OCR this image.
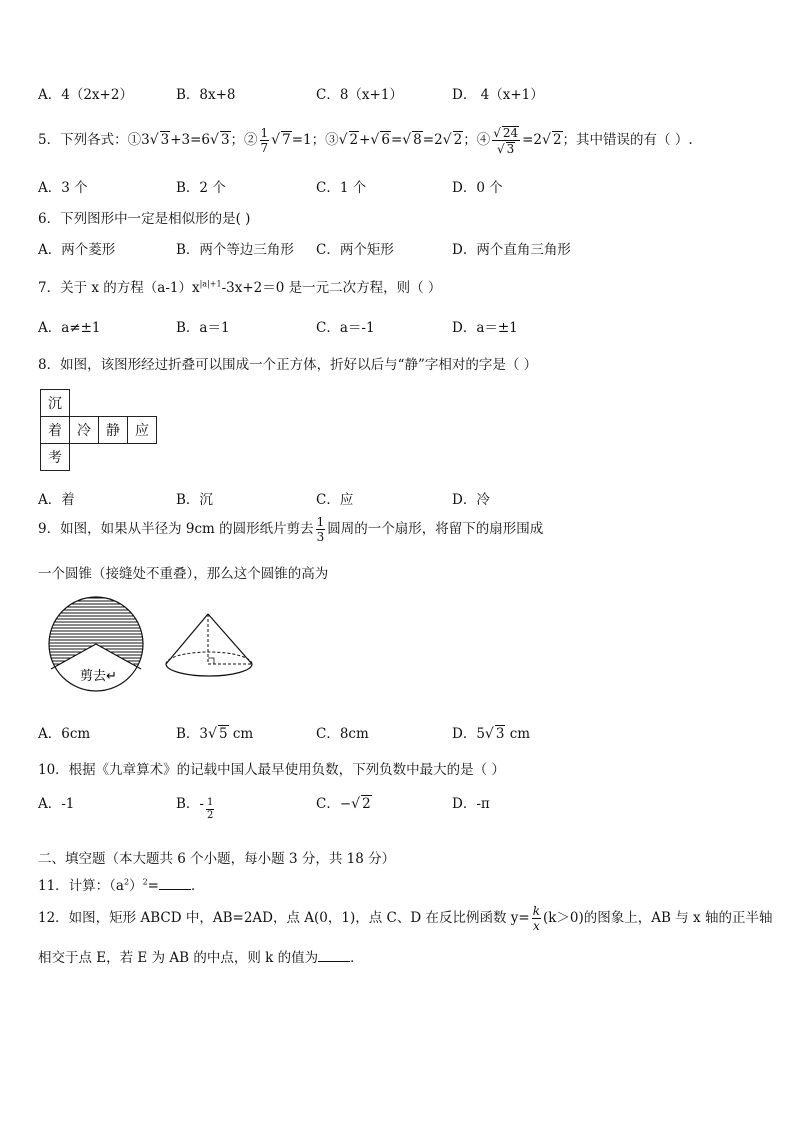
A．4（2x+2）	B．8x+8	C．8（x+1）	D． 4（x+1）
5．下列各式：①3√ 3+3=6√ 3；② $\frac{1}{7}$ √ 7=1；③√ 2+√ 6=√ 8=2√ 2；④ $\frac{√ 24}{√ 3} =2√$ 2；其中错误的有（ ）.
A．3 个	B．2 个	C．1 个	D．0 个
6．下列图形中一定是相似形的是( )
A．两个菱形	B．两个等边三角形 C．两个矩形	D．两个直角三角形
7．关于 x 的方程$(a-1)x^{|a|+1}-3x+2=0$ 是一元二次方程，则（ ）
A．a≠±1	B．a＝1	C．a＝-1	D．a＝±1
8．如图，该图形经过折叠可以围成一个正方体，折好以后与“静”字相对的字是（ ）
沉			
着	冷	静	应
考			
A．着	B．沉	C．应	D．冷
9．如图，如果从半径为 9cm 的圆形纸片剪去 $\frac{1}{3}$ 圆周的一个扇形，将留下的扇形围成
一个圆锥（接缝处不重叠），那么这个圆锥的高为
剪去↵
A．6cm	B．3√ 5 cm	C．8cm	D．5√ 3 cm
10．根据《九章算术》的记载中国人最早使用负数，下列负数中最大的是（ ）
A．-1	B．- $\frac{1}{2}$	C．−√ 2	D．-π
二、填空题（本大题共 6 个小题，每小题 3 分，共 18 分）
11．计算：$(a^2)^2=$ ．
12．如图，矩形 ABCD 中，AB=2AD，点 A(0，1)，点 C、D 在反比例函数 $y= \frac{k}{x} (k>0)$的图象上，AB 与 x 轴的正半轴
相交于点 E，若 E 为 AB 的中点，则 k 的值为 ．
